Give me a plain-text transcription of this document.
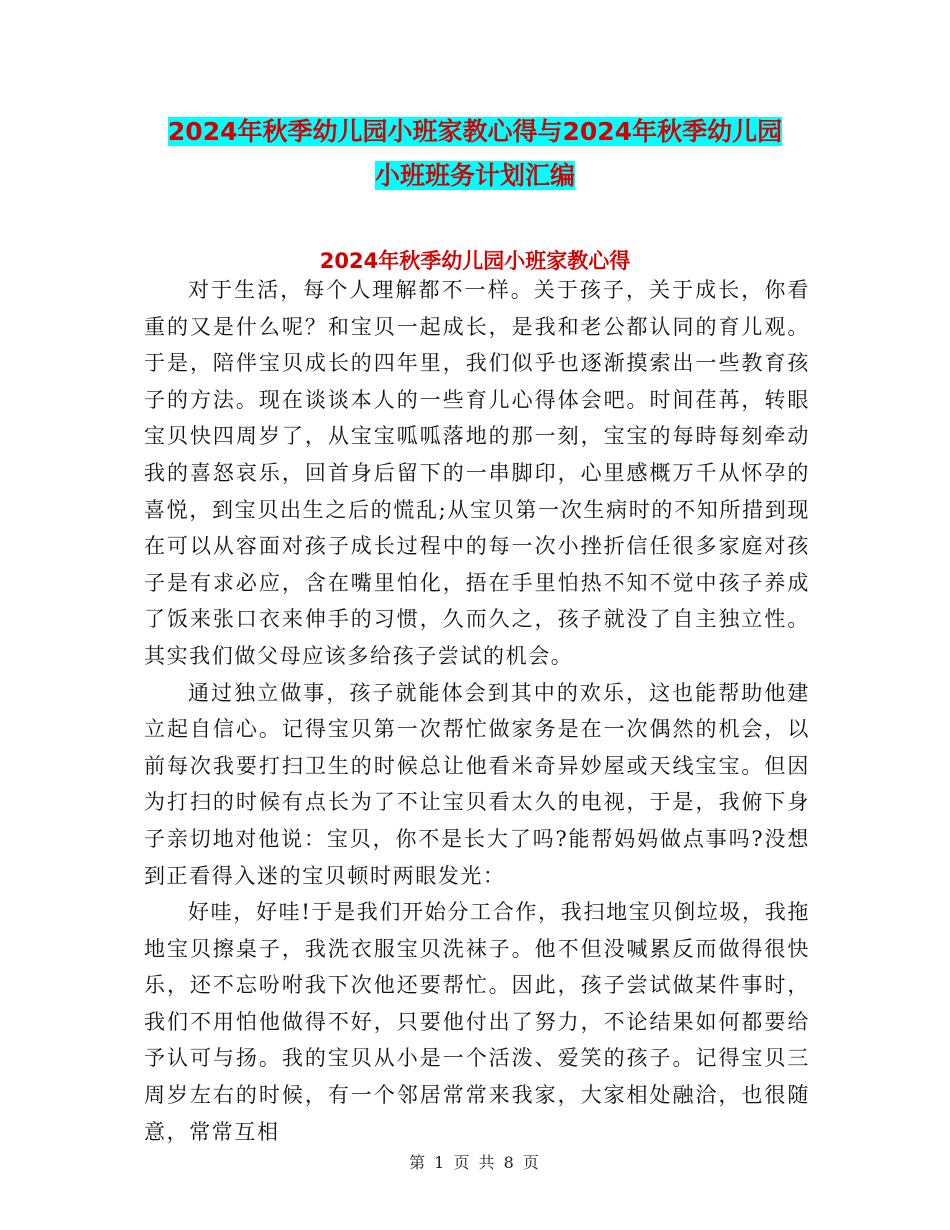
2024年秋季幼儿园小班家教心得与2024年秋季幼儿园
小班班务计划汇编
2024年秋季幼儿园小班家教心得

对于生活，每个人理解都不一样。关于孩子，关于成长，你看重的又是什么呢？和宝贝一起成长，是我和老公都认同的育儿观。于是，陪伴宝贝成长的四年里，我们似乎也逐渐摸索出一些教育孩子的方法。现在谈谈本人的一些育儿心得体会吧。时间荏苒，转眼宝贝快四周岁了，从宝宝呱呱落地的那一刻，宝宝的每時每刻牵动我的喜怒哀乐，回首身后留下的一串脚印，心里感概万千从怀孕的喜悦，到宝贝出生之后的慌乱;从宝贝第一次生病时的不知所措到现在可以从容面对孩子成长过程中的每一次小挫折信任很多家庭对孩子是有求必应，含在嘴里怕化，捂在手里怕热不知不觉中孩子养成了饭来张口衣来伸手的习惯，久而久之，孩子就没了自主独立性。其实我们做父母应该多给孩子尝试的机会。

通过独立做事，孩子就能体会到其中的欢乐，这也能帮助他建立起自信心。记得宝贝第一次帮忙做家务是在一次偶然的机会，以前每次我要打扫卫生的时候总让他看米奇异妙屋或天线宝宝。但因为打扫的时候有点长为了不让宝贝看太久的电视，于是，我俯下身子亲切地对他说：宝贝，你不是长大了吗?能帮妈妈做点事吗?没想到正看得入迷的宝贝顿时两眼发光：

好哇，好哇!于是我们开始分工合作，我扫地宝贝倒垃圾，我拖地宝贝擦桌子，我洗衣服宝贝洗袜子。他不但没喊累反而做得很快乐，还不忘吩咐我下次他还要帮忙。因此，孩子尝试做某件事时，我们不用怕他做得不好，只要他付出了努力，不论结果如何都要给予认可与扬。我的宝贝从小是一个活泼、爱笑的孩子。记得宝贝三周岁左右的时候，有一个邻居常常来我家，大家相处融洽，也很随意，常常互相

第 1 页 共 8 页
